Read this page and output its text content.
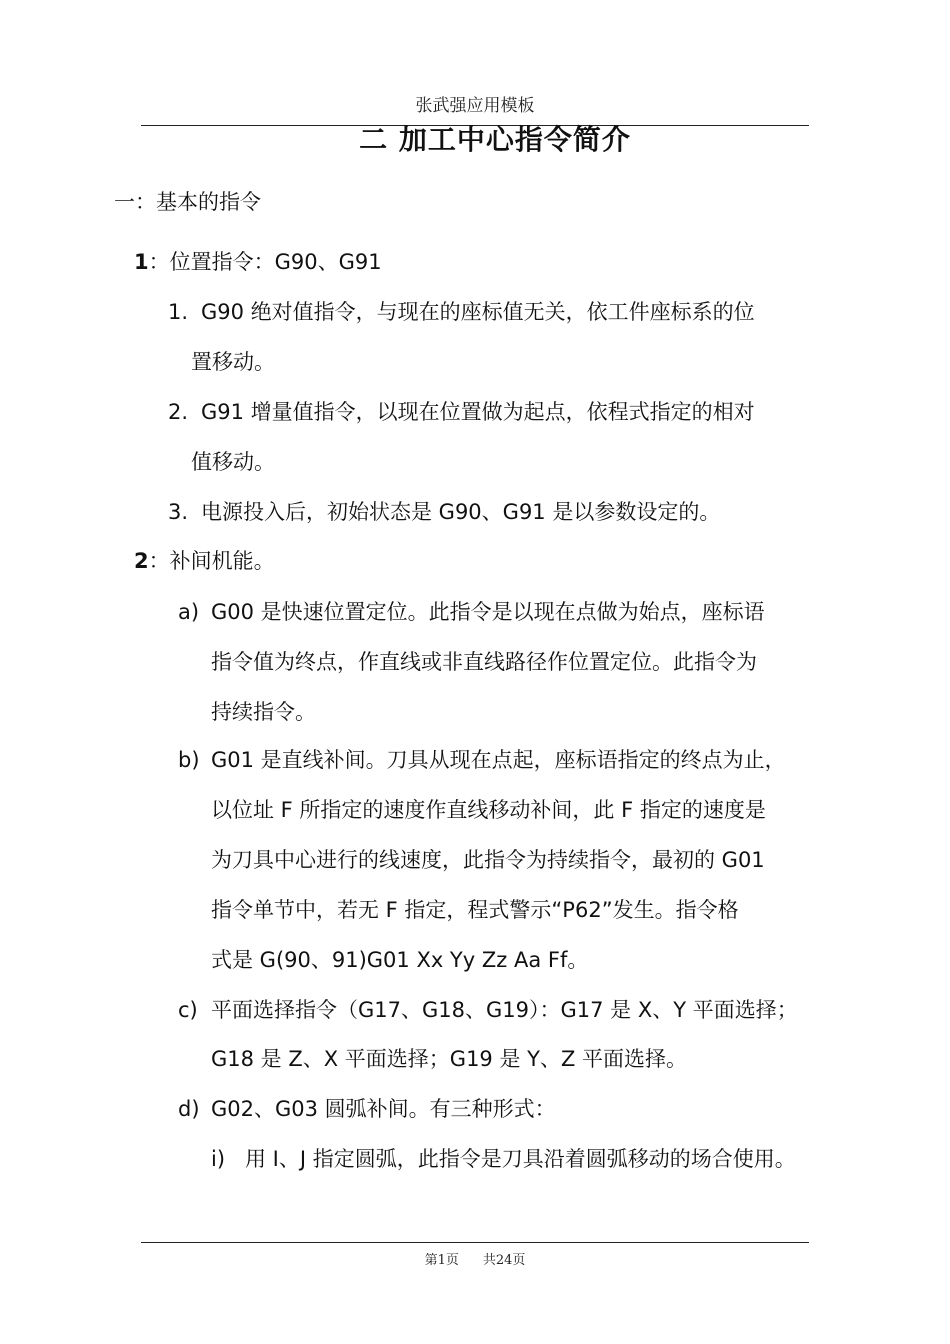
张武强应用模板
二 加工中心指令简介
一：基本的指令
1：位置指令：G90、G91
1. G90 绝对值指令，与现在的座标值无关，依工件座标系的位
置移动。
2. G91 增量值指令，以现在位置做为起点，依程式指定的相对
值移动。
3. 电源投入后，初始状态是 G90、G91 是以参数设定的。
2：补间机能。
a) G00 是快速位置定位。此指令是以现在点做为始点，座标语
指令值为终点，作直线或非直线路径作位置定位。此指令为
持续指令。
b) G01 是直线补间。刀具从现在点起，座标语指定的终点为止，
以位址 F 所指定的速度作直线移动补间，此 F 指定的速度是
为刀具中心进行的线速度，此指令为持续指令，最初的 G01
指令单节中，若无 F 指定，程式警示“P62”发生。指令格
式是 G(90、91)G01 Xx Yy Zz Aa Ff。
c) 平面选择指令（G17、G18、G19）：G17 是 X、Y 平面选择；
G18 是 Z、X 平面选择；G19 是 Y、Z 平面选择。
d) G02、G03 圆弧补间。有三种形式：
i) 用 I、J 指定圆弧，此指令是刀具沿着圆弧移动的场合使用。
第1页 共24页
